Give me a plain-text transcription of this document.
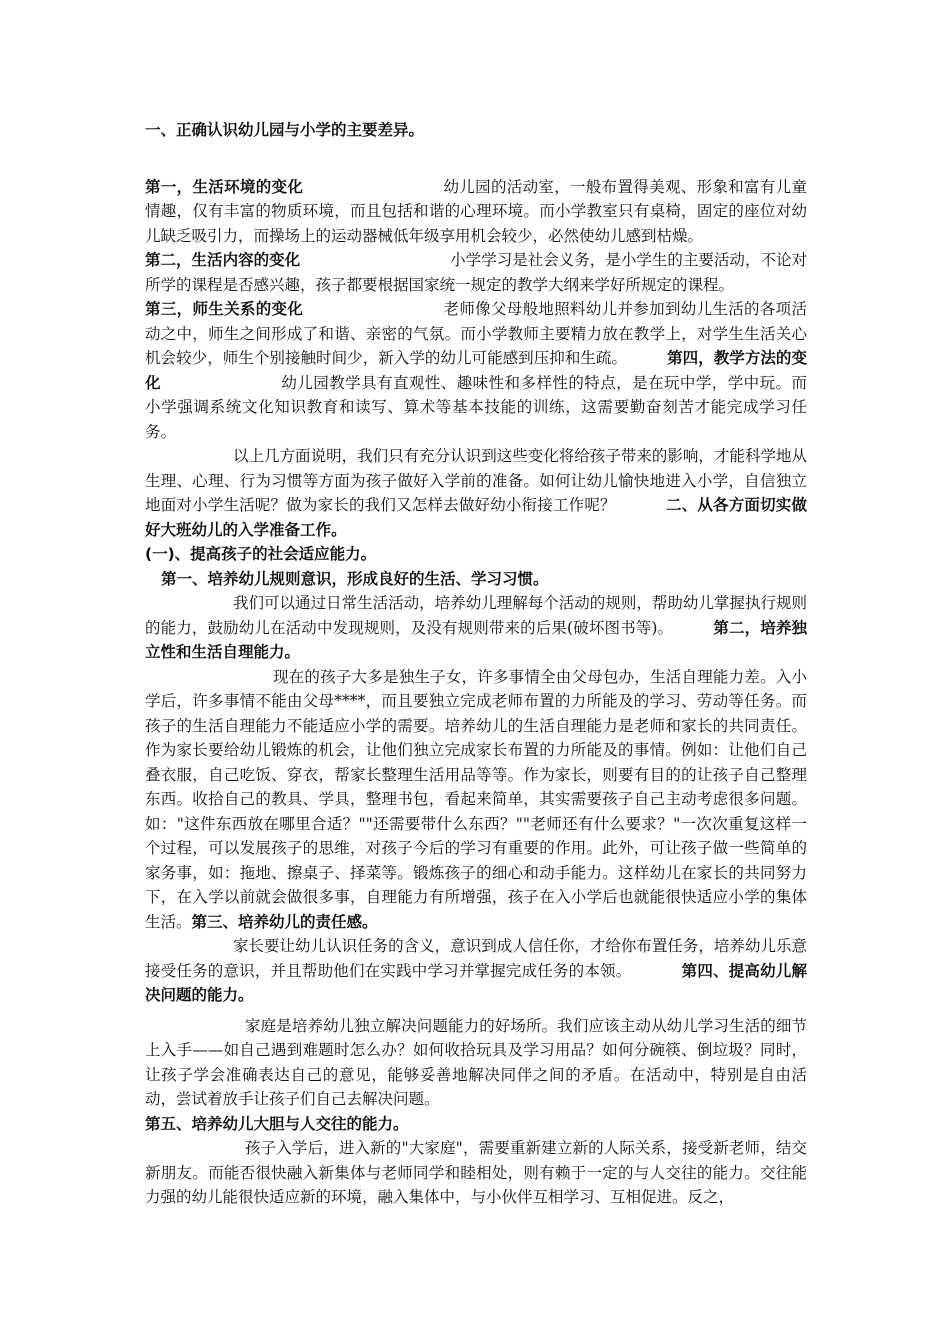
一、正确认识幼儿园与小学的主要差异。

第一，生活环境的变化	幼儿园的活动室，一般布置得美观、形象和富有儿童情趣，仅有丰富的物质环境，而且包括和谐的心理环境。而小学教室只有桌椅，固定的座位对幼儿缺乏吸引力，而操场上的运动器械低年级享用机会较少，必然使幼儿感到枯燥。

第二，生活内容的变化	小学学习是社会义务，是小学生的主要活动，不论对所学的课程是否感兴趣，孩子都要根据国家统一规定的教学大纲来学好所规定的课程。

第三，师生关系的变化	老师像父母般地照料幼儿并参加到幼儿生活的各项活动之中，师生之间形成了和谐、亲密的气氛。而小学教师主要精力放在教学上，对学生生活关心机会较少，师生个别接触时间少，新入学的幼儿可能感到压抑和生疏。	第四，教学方法的变化	幼儿园教学具有直观性、趣味性和多样性的特点，是在玩中学，学中玩。而小学强调系统文化知识教育和读写、算术等基本技能的训练，这需要勤奋刻苦才能完成学习任务。

以上几方面说明，我们只有充分认识到这些变化将给孩子带来的影响，才能科学地从生理、心理、行为习惯等方面为孩子做好入学前的准备。如何让幼儿愉快地进入小学，自信独立地面对小学生活呢？做为家长的我们又怎样去做好幼小衔接工作呢？	二、从各方面切实做好大班幼儿的入学准备工作。

(一)、提高孩子的社会适应能力。

第一、培养幼儿规则意识，形成良好的生活、学习习惯。

我们可以通过日常生活活动，培养幼儿理解每个活动的规则，帮助幼儿掌握执行规则的能力，鼓励幼儿在活动中发现规则，及没有规则带来的后果(破坏图书等)。	第二，培养独立性和生活自理能力。

现在的孩子大多是独生子女，许多事情全由父母包办，生活自理能力差。入小学后，许多事情不能由父母****，而且要独立完成老师布置的力所能及的学习、劳动等任务。而孩子的生活自理能力不能适应小学的需要。培养幼儿的生活自理能力是老师和家长的共同责任。作为家长要给幼儿锻炼的机会，让他们独立完成家长布置的力所能及的事情。例如：让他们自己叠衣服，自己吃饭、穿衣，帮家长整理生活用品等等。作为家长，则要有目的的让孩子自己整理东西。收拾自己的教具、学具，整理书包，看起来简单，其实需要孩子自己主动考虑很多问题。如："这件东西放在哪里合适？""还需要带什么东西？""老师还有什么要求？"一次次重复这样一个过程，可以发展孩子的思维，对孩子今后的学习有重要的作用。此外，可让孩子做一些简单的家务事，如：拖地、擦桌子、择菜等。锻炼孩子的细心和动手能力。这样幼儿在家长的共同努力下，在入学以前就会做很多事，自理能力有所增强，孩子在入小学后也就能很快适应小学的集体生活。第三、培养幼儿的责任感。

家长要让幼儿认识任务的含义，意识到成人信任你，才给你布置任务，培养幼儿乐意接受任务的意识，并且帮助他们在实践中学习并掌握完成任务的本领。	第四、提高幼儿解决问题的能力。

家庭是培养幼儿独立解决问题能力的好场所。我们应该主动从幼儿学习生活的细节上入手——如自己遇到难题时怎么办？如何收拾玩具及学习用品？如何分碗筷、倒垃圾？同时，让孩子学会准确表达自己的意见，能够妥善地解决同伴之间的矛盾。在活动中，特别是自由活动，尝试着放手让孩子们自己去解决问题。

第五、培养幼儿大胆与人交往的能力。

孩子入学后，进入新的"大家庭"，需要重新建立新的人际关系，接受新老师，结交新朋友。而能否很快融入新集体与老师同学和睦相处，则有赖于一定的与人交往的能力。交往能力强的幼儿能很快适应新的环境，融入集体中，与小伙伴互相学习、互相促进。反之，
